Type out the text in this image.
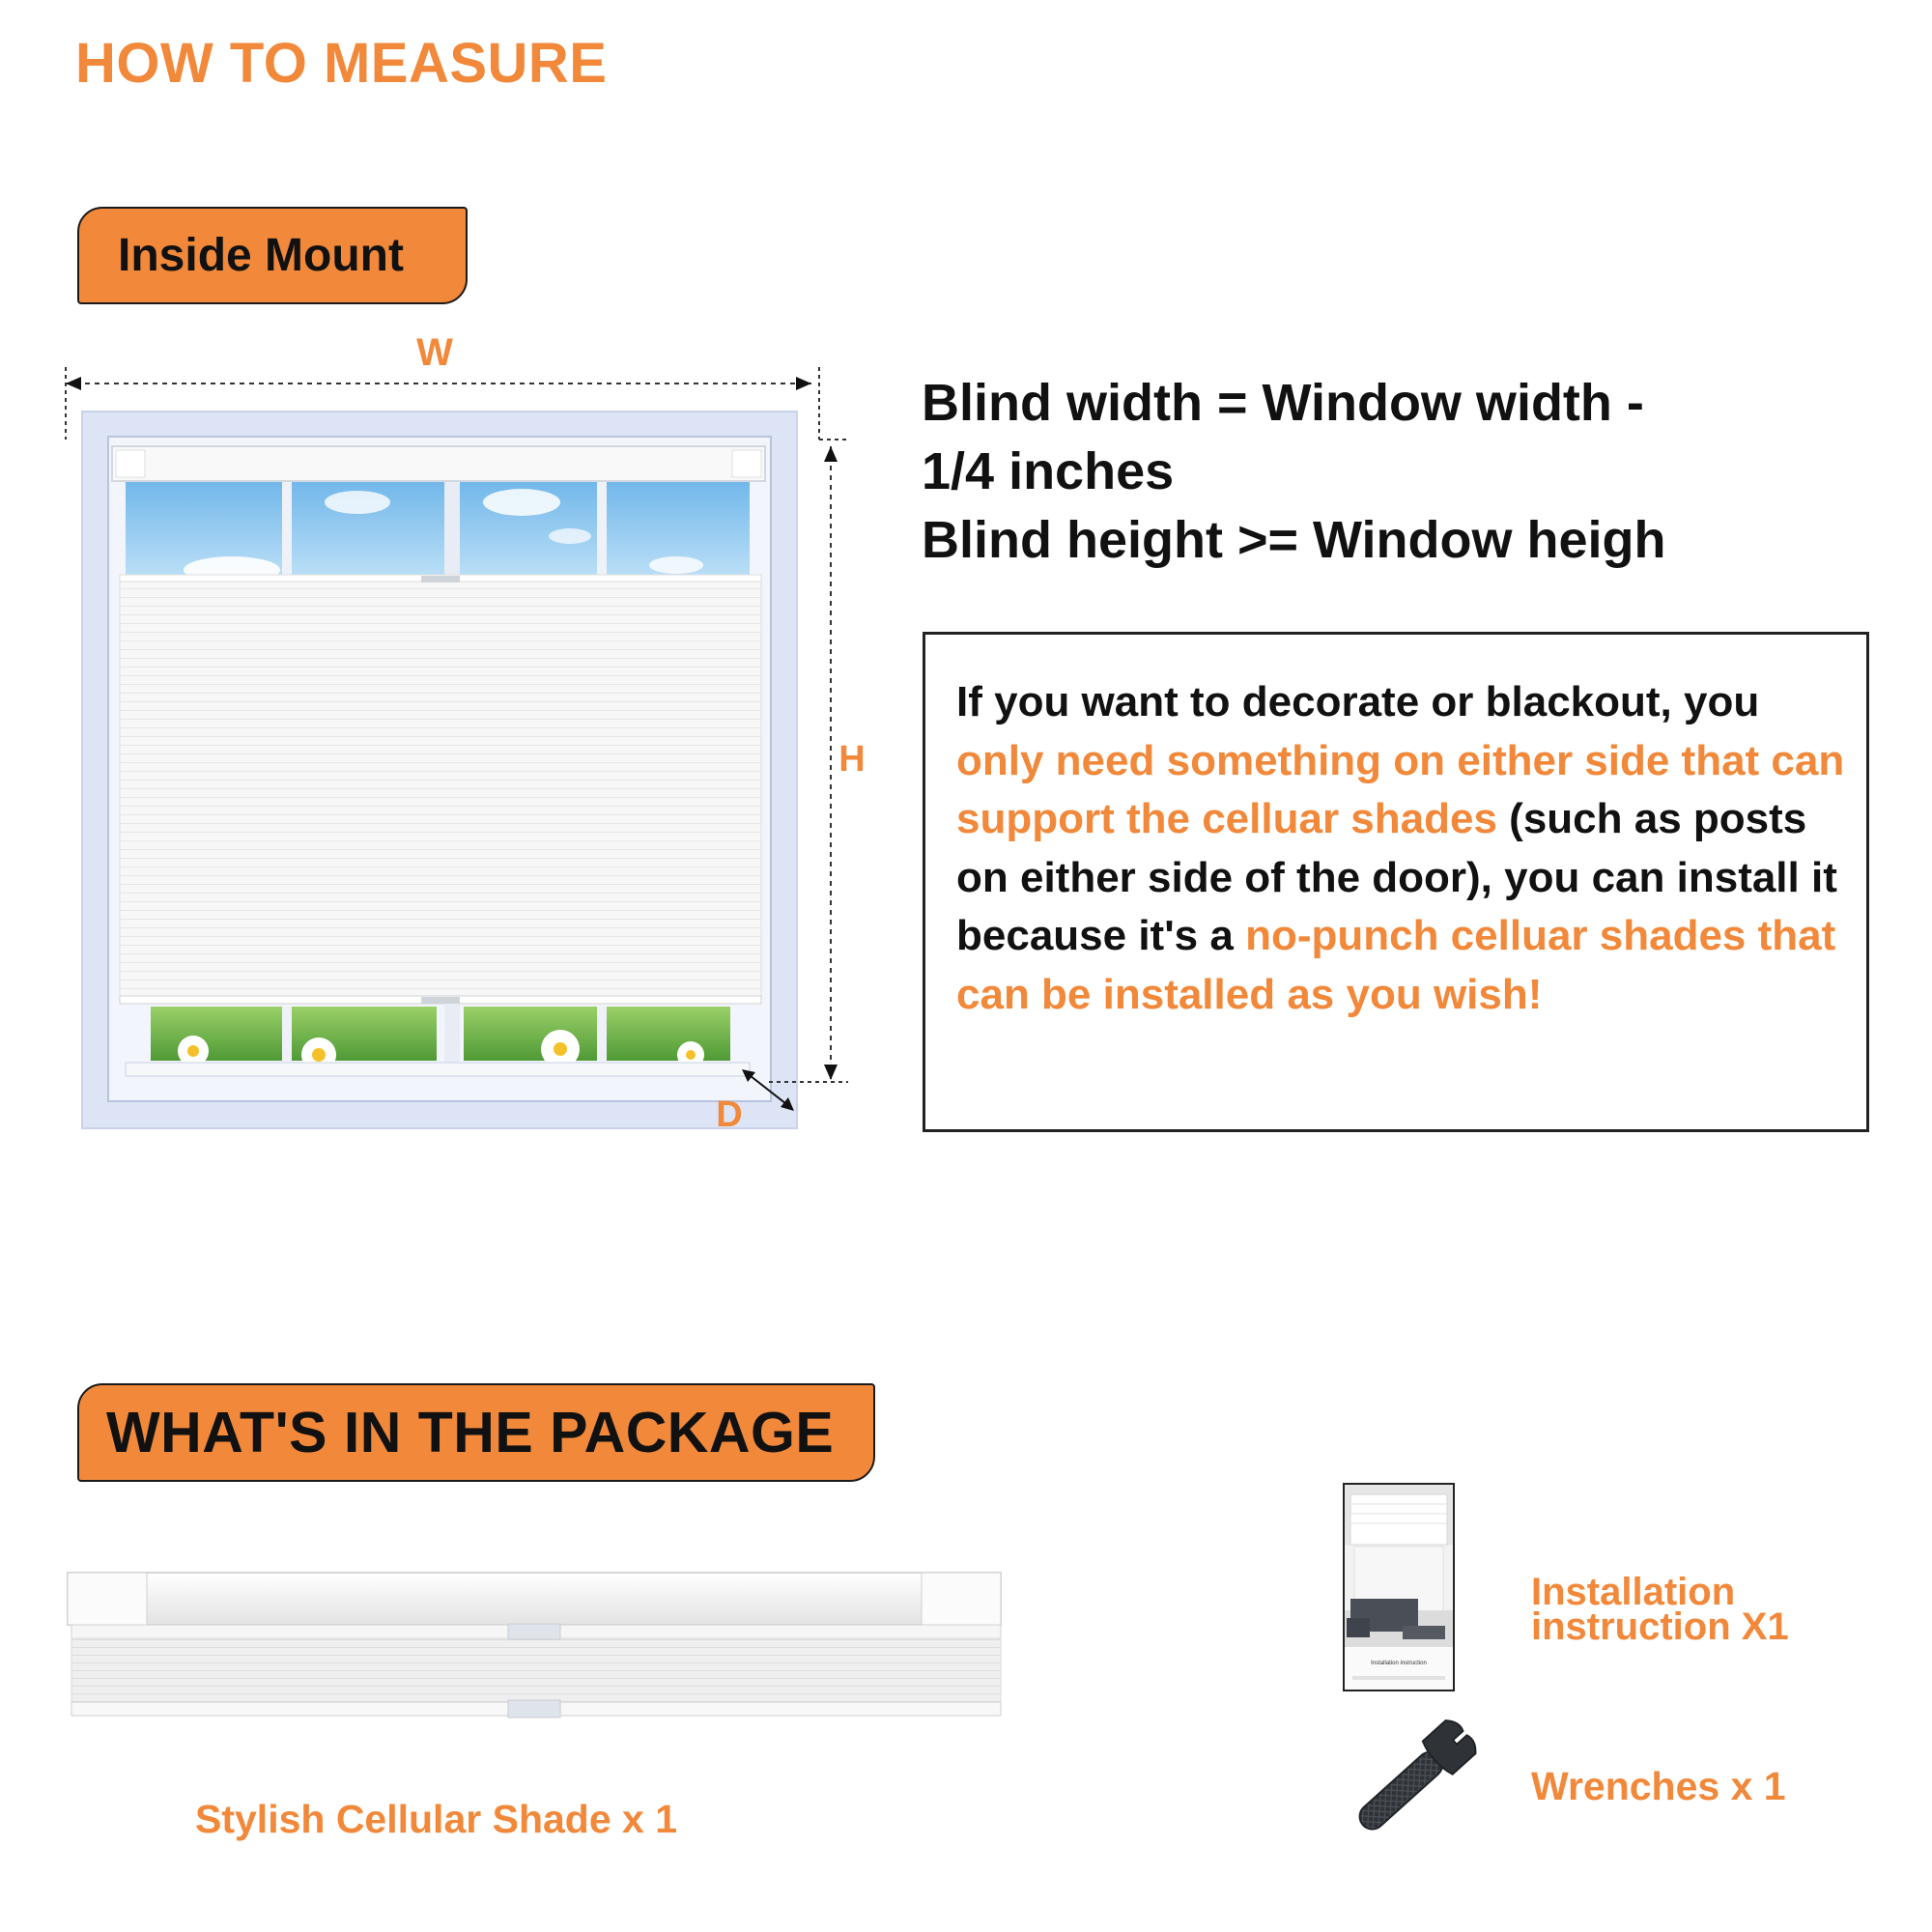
HOW TO MEASURE
Inside Mount
W
H
D
Blind width = Window width -
1/4 inches
Blind height >= Window heigh
If you want to decorate or blackout, you only need something on either side that can support the celluar shades (such as posts on either side of the door), you can install it because it's a no-punch celluar shades that can be installed as you wish!
WHAT'S IN THE PACKAGE
Stylish Cellular Shade x 1
Installation instruction
Installation
instruction X1
Wrenches x 1
